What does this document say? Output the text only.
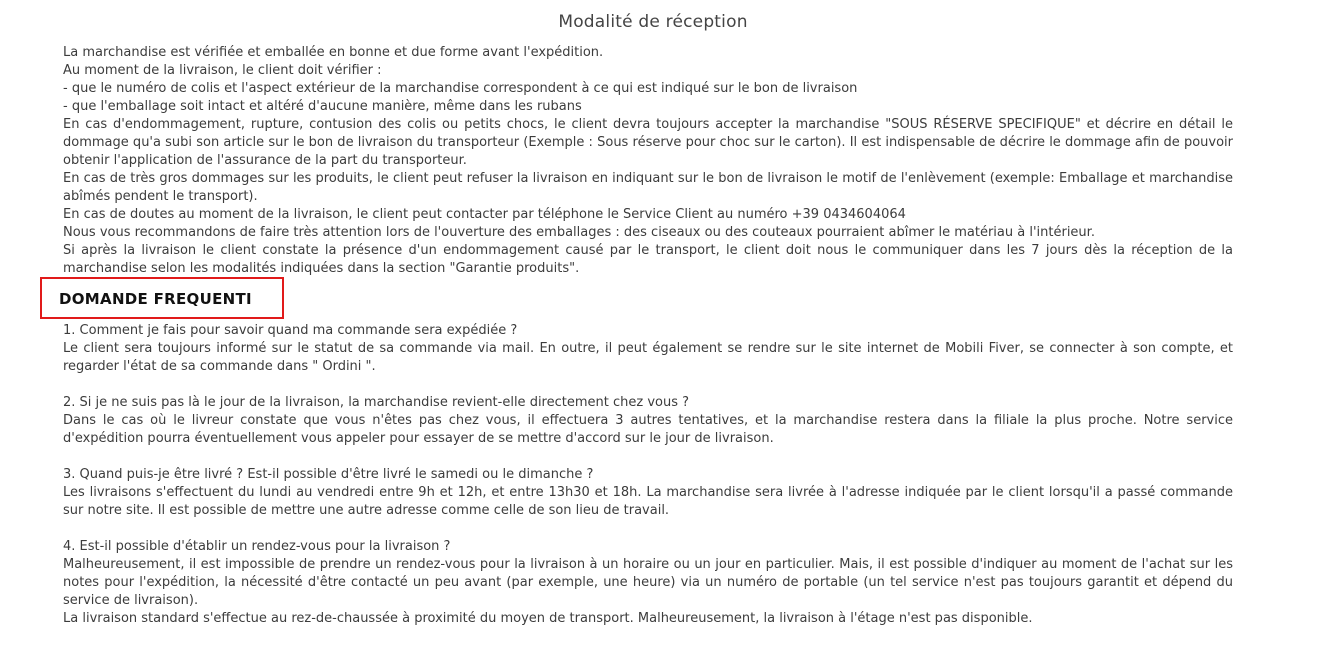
Modalité de réception

La marchandise est vérifiée et emballée en bonne et due forme avant l'expédition.

Au moment de la livraison, le client doit vérifier :

- que le numéro de colis et l'aspect extérieur de la marchandise correspondent à ce qui est indiqué sur le bon de livraison

- que l'emballage soit intact et altéré d'aucune manière, même dans les rubans

En cas d'endommagement, rupture, contusion des colis ou petits chocs, le client devra toujours accepter la marchandise "SOUS RÉSERVE SPECIFIQUE" et décrire en détail le dommage qu'a subi son article sur le bon de livraison du transporteur (Exemple : Sous réserve pour choc sur le carton). Il est indispensable de décrire le dommage afin de pouvoir obtenir l'application de l'assurance de la part du transporteur.

En cas de très gros dommages sur les produits, le client peut refuser la livraison en indiquant sur le bon de livraison le motif de l'enlèvement (exemple: Emballage et marchandise abîmés pendent le transport).

En cas de doutes au moment de la livraison, le client peut contacter par téléphone le Service Client au numéro +39 0434604064

Nous vous recommandons de faire très attention lors de l'ouverture des emballages : des ciseaux ou des couteaux pourraient abîmer le matériau à l'intérieur.

Si après la livraison le client constate la présence d'un endommagement causé par le transport, le client doit nous le communiquer dans les 7 jours dès la réception de la marchandise selon les modalités indiquées dans la section "Garantie produits".

DOMANDE FREQUENTI

1. Comment je fais pour savoir quand ma commande sera expédiée ?

Le client sera toujours informé sur le statut de sa commande via mail. En outre, il peut également se rendre sur le site internet de Mobili Fiver, se connecter à son compte, et regarder l'état de sa commande dans " Ordini ".

2. Si je ne suis pas là le jour de la livraison, la marchandise revient-elle directement chez vous ?

Dans le cas où le livreur constate que vous n'êtes pas chez vous, il effectuera 3 autres tentatives, et la marchandise restera dans la filiale la plus proche. Notre service d'expédition pourra éventuellement vous appeler pour essayer de se mettre d'accord sur le jour de livraison.

3. Quand puis-je être livré ? Est-il possible d'être livré le samedi ou le dimanche ?

Les livraisons s'effectuent du lundi au vendredi entre 9h et 12h, et entre 13h30 et 18h. La marchandise sera livrée à l'adresse indiquée par le client lorsqu'il a passé commande sur notre site. Il est possible de mettre une autre adresse comme celle de son lieu de travail.

4. Est-il possible d'établir un rendez-vous pour la livraison ?

Malheureusement, il est impossible de prendre un rendez-vous pour la livraison à un horaire ou un jour en particulier. Mais, il est possible d'indiquer au moment de l'achat sur les notes pour l'expédition, la nécessité d'être contacté un peu avant (par exemple, une heure) via un numéro de portable (un tel service n'est pas toujours garantit et dépend du service de livraison).

La livraison standard s'effectue au rez-de-chaussée à proximité du moyen de transport. Malheureusement, la livraison à l'étage n'est pas disponible.
